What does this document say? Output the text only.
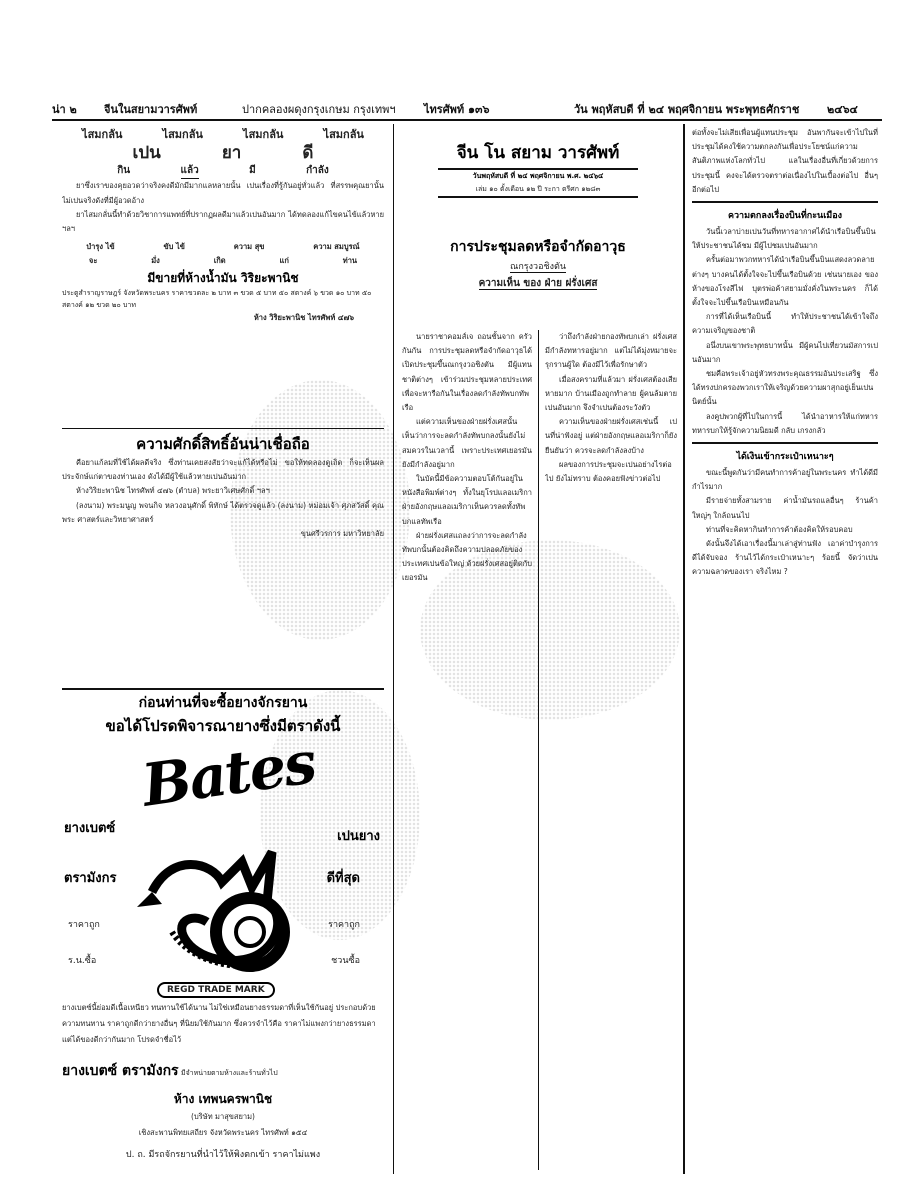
น่า ๒ จีนในสยามวารศัพท์	ปากคลองผดุงกรุงเกษม กรุงเทพฯ	ไทรศัพท์ ๑๓๖	วัน พฤหัสบดี ที่ ๒๔ พฤศจิกายน พระพุทธศักราช	๒๔๖๔
ไสมกลั่น	ไสมกลั่น	ไสมกลั่น	ไสมกลั่น
เปน	ยา	ดี
กิน	แล้ว	มี	กำลัง

ยาซึ่งเราของคุยอวดว่าจริงคงดีมักมีมากแลหลายนั้น เปนเรื่องที่รู้กันอยู่ทั่วแล้ว ที่สรรพคุณยานั้นไม่เปนจริงดังที่มีผู้อวดอ้าง

ยาไสมกลั่นนี้ทำด้วยวิชาการแพทย์ที่ปรากฏผลดีมาแล้วเปนอันมาก ได้ทดลองแก้ไขคนไข้แล้วหาย ฯลฯ

บำรุง ไข้	ขับ ไข้	ความ สุข	ความ สมบูรณ์
จะ	มั่ง	เกิด	แก่	ท่าน
มีขายที่ห้างน้ำมัน วิริยะพานิช
ประตูสำราญราษฎร์ จังหวัดพระนคร ราคาขวดละ ๒ บาท ๓ ขวด ๕ บาท ๕๐ สตางค์ ๖ ขวด ๑๐ บาท ๕๐ สตางค์ ๑๒ ขวด ๒๐ บาท
ห้าง วิริยะพานิช ไทรศัพท์ ๔๗๖
ความศักดิ์สิทธิ์อันน่าเชื่อถือ

คือยาแก้ลมที่ใช้ได้ผลดีจริง ซึ่งท่านเคยสงสัยว่าจะแก้ได้หรือไม่ ขอให้ทดลองดูเถิด ก็จะเห็นผลประจักษ์แก่ตาของท่านเอง ดังได้มีผู้ใช้แล้วหายเปนอันมาก

ห้างวิริยะพานิช ไทรศัพท์ ๔๗๖ (ตำบล) พระยาวิเศษศักดิ์ ฯลฯ

(ลงนาม) พระมนูญ พจนกิจ หลวงอนุศักดิ์ พิทักษ์ ได้ตรวจดูแล้ว (ลงนาม) หม่อมเจ้า ศุภสวัสดิ์ คุณพระ ศาสตร์และวิทยาศาสตร์

ขุนศรีวรการ มหาวิทยาลัย
ก่อนท่านที่จะซื้อยางจักรยาน
ขอได้โปรดพิจารณายางซึ่งมีตราดังนี้
Bates
ยางเบตซ์
ตรามังกร
ราคาถูก
ร.น.ซื้อ
เปนยาง
ดีที่สุด
ราคาถูก
ชวนซื้อ
REGD TRADE MARK
ยางเบตซ์นี้ย่อมดีเนื้อเหนียว ทนทานใช้ได้นาน ไม่ใช่เหมือนยางธรรมดาที่เห็นใช้กันอยู่ ประกอบด้วยความทนทาน ราคาถูกดีกว่ายางอื่นๆ ที่นิยมใช้กันมาก ซึ่งควรจำไว้คือ ราคาไม่แพงกว่ายางธรรมดา แต่ได้ของดีกว่ากันมาก โปรดจำชื่อไว้
ยางเบตซ์ ตรามังกร มีจำหน่ายตามห้างและร้านทั่วไป
ห้าง เทพนครพานิช
(บริษัท มาสุขสยาม)
เชิงสะพานพิทยเสถียร จังหวัดพระนคร ไทรศัพท์ ๑๕๔
ป. ถ. มีรถจักรยานที่นำไว้ให้พิงตกเข้า ราคาไม่แพง
จีน โน สยาม วารศัพท์
วันพฤหัสบดี ที่ ๒๔ พฤศจิกายน พ.ศ. ๒๔๖๔
เล่ม ๑๐ ตั้งเดือน ๑๒ ปี ระกา ตรีศก ๑๒๘๓
การประชุมลดหรือจำกัดอาวุธ
ณกรุงวอชิงตัน
ความเห็น ของ ฝ่าย ฝรั่งเศส

นายราชาคอมส์เจ ถอนชั้นจาก ครัวกันกัน การประชุมลดหรือจำกัดอาวุธได้เปิดประชุมขึ้นณกรุงวอชิงตัน มีผู้แทนชาติต่างๆ เข้าร่วมประชุมหลายประเทศ เพื่อจะหารือกันในเรื่องลดกำลังทัพบกทัพเรือ

แต่ความเห็นของฝ่ายฝรั่งเศสนั้น เห็นว่าการจะลดกำลังทัพบกลงนั้นยังไม่สมควรในเวลานี้ เพราะประเทศเยอรมันยังมีกำลังอยู่มาก

ในบัดนี้มีข้อความตอบโต้กันอยู่ในหนังสือพิมพ์ต่างๆ ทั้งในยุโรปแลอเมริกา ฝ่ายอังกฤษแลอเมริกาเห็นควรลดทั้งทัพบกแลทัพเรือ

ฝ่ายฝรั่งเศสแถลงว่าการจะลดกำลังทัพบกนั้นต้องคิดถึงความปลอดภัยของประเทศเปนข้อใหญ่ ด้วยฝรั่งเศสอยู่ติดกับเยอรมัน

ว่าถึงกำลังฝ่ายกองทัพบกเล่า ฝรั่งเศสมีกำลังทหารอยู่มาก แต่ไม่ได้มุ่งหมายจะรุกรานผู้ใด ต้องมีไว้เพื่อรักษาตัว

เมื่อสงครามที่แล้วมา ฝรั่งเศสต้องเสียหายมาก บ้านเมืองถูกทำลาย ผู้คนล้มตายเปนอันมาก จึงจำเปนต้องระวังตัว

ความเห็นของฝ่ายฝรั่งเศสเช่นนี้ เปนที่น่าฟังอยู่ แต่ฝ่ายอังกฤษแลอเมริกาก็ยังยืนยันว่า ควรจะลดกำลังลงบ้าง

ผลของการประชุมจะเปนอย่างไรต่อไป ยังไม่ทราบ ต้องคอยฟังข่าวต่อไป

ต่อทั้งจะไม่เสียเพื่อนผู้แทนประชุม อันพากันจะเข้าไปในที่ประชุมได้คงใช้ความตกลงกันเพื่อประโยชน์แก่ความสันติภาพแห่งโลกทั่วไป แลในเรื่องอื่นที่เกี่ยวด้วยการประชุมนี้ คงจะได้ตรวจตราต่อเนื่องไปในเบื้องต่อไป อื่นๆ อีกต่อไป

ความตกลงเรื่องบินที่กะนเมือง

วันนี้เวลาบ่ายเปนวันที่ทหารอากาศได้นำเรือบินขึ้นบินให้ประชาชนได้ชม มีผู้ไปชมเปนอันมาก

ครั้นต่อมาพวกทหารได้นำเรือบินขึ้นบินแสดงลวดลายต่างๆ บางคนได้ตั้งใจจะไปขึ้นเรือบินด้วย เช่นนายเอง ของห้างของโรงสีไฟ บุตรพ่อค้าสยามมั่งคั่งในพระนคร ก็ได้ตั้งใจจะไปขึ้นเรือบินเหมือนกัน

การที่ได้เห็นเรือบินนี้ ทำให้ประชาชนได้เข้าใจถึงความเจริญของชาติ

อนึ่งบนเขาพระพุทธบาทนั้น มีผู้คนไปเที่ยวนมัสการเปนอันมาก

ชมคือพระเจ้าอยู่หัวทรงพระคุณธรรมอันประเสริฐ ซึ่งได้ทรงปกครองพวกเราให้เจริญด้วยความผาสุกอยู่เย็นเปนนิตย์นั้น

ลงคูปพวกผู้ที่ไปในการนี้ ได้นำอาหารให้แก่ทหาร ทหารบกให้รู้จักความนิยมดี กลับ เกรงกลัว

ได้เงินเข้ากระเป๋าเหนาะๆ

ขณะนี้พูดกันว่ามีคนทำการค้าอยู่ในพระนคร ทำได้ดีมีกำไรมาก

มีรายจ่ายทั้งสามราย ค่าน้ำมันรถแลอื่นๆ ร้านค้าใหญ่ๆ ใกล้ถนนไป

ท่านที่จะคิดหากินทำการค้าต้องคิดให้รอบคอบ

ดังนั้นจึงได้เอาเรื่องนี้มาเล่าสู่ท่านฟัง เอาค่าบำรุงการ ดีได้จับจอง ร้านไว้ได้กระเป๋าเหนาะๆ ร้อยนี้ จัดว่าเปนความฉลาดของเรา จริงไหม ?
